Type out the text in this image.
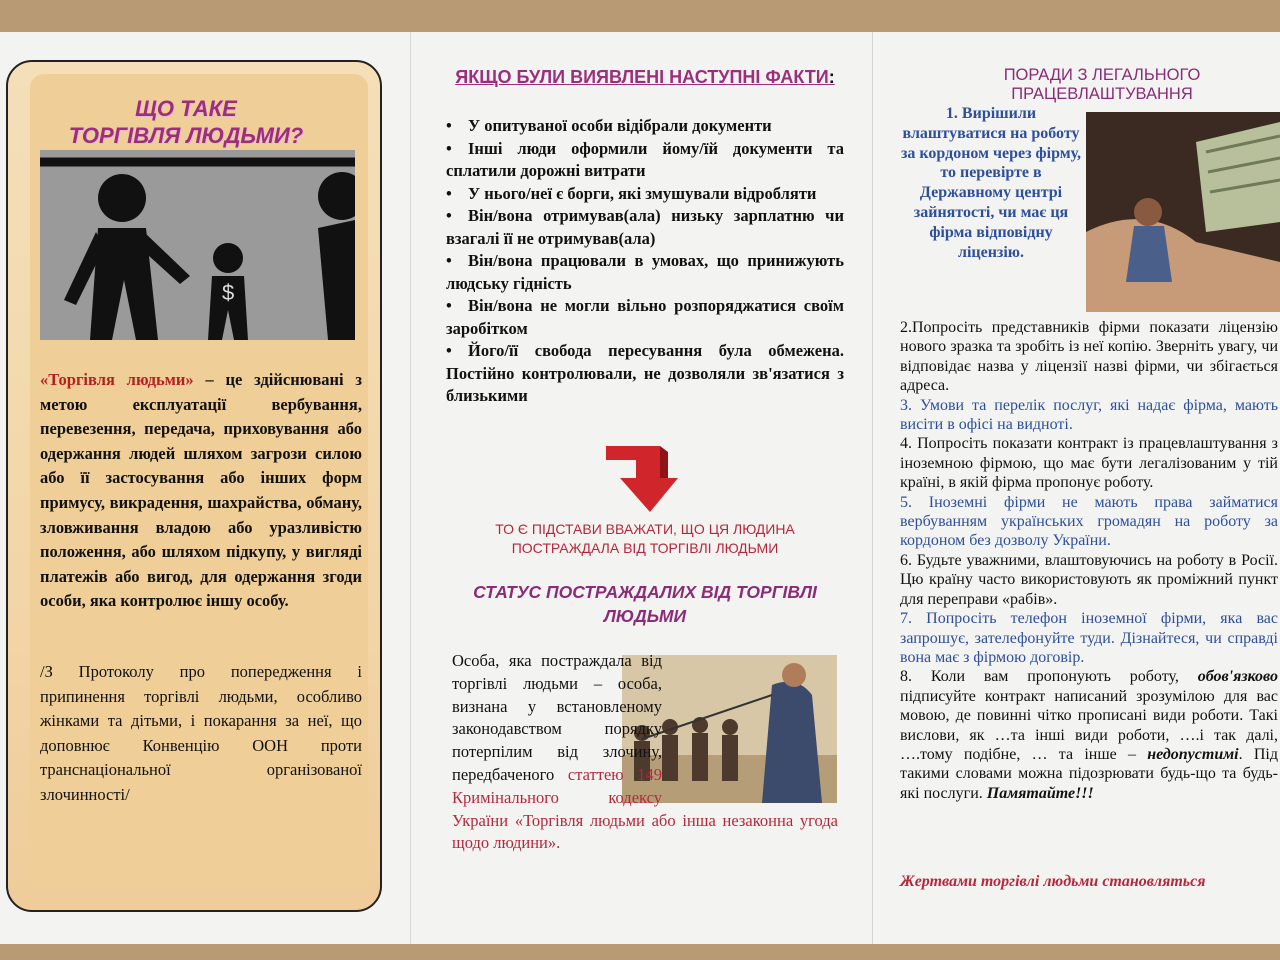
ЩО ТАКЕ
ТОРГІВЛЯ ЛЮДЬМИ?
$
«Торгівля людьми» – це здійснювані з метою експлуатації вербування, перевезення, передача, приховування або одержання людей шляхом загрози силою або її застосування або інших форм примусу, викрадення, шахрайства, обману, зловживання владою або уразливістю положення, або шляхом підкупу, у вигляді платежів або вигод, для одержання згоди особи, яка контролює іншу особу.
/З Протоколу про попередження і припинення торгівлі людьми, особливо жінками та дітьми, і покарання за неї, що доповнює Конвенцію ООН проти транснаціональної організованої злочинності/
ЯКЩО БУЛИ ВИЯВЛЕНІ НАСТУПНІ ФАКТИ:

• У опитуваної особи відібрали документи

• Інші люди оформили йому/їй документи та сплатили дорожні витрати

• У нього/неї є борги, які змушували відробляти

• Він/вона отримував(ала) низьку зарплатню чи взагалі її не отримував(ала)

• Він/вона працювали в умовах, що принижують людську гідність

• Він/вона не могли вільно розпоряджатися своїм заробітком

• Його/її свобода пересування була обмежена. Постійно контролювали, не дозволяли зв'язатися з близькими

ТО Є ПІДСТАВИ ВВАЖАТИ, ЩО ЦЯ ЛЮДИНА ПОСТРАЖДАЛА ВІД ТОРГІВЛІ ЛЮДЬМИ
СТАТУС ПОСТРАЖДАЛИХ ВІД ТОРГІВЛІ ЛЮДЬМИ
Особа, яка постраждала від торгівлі людьми – особа, визнана у встановленому законодавством порядку потерпілим від злочину, передбаченого статтею 149 Кримінального кодексу України «Торгівля людьми або інша незаконна угода щодо людини».
ПОРАДИ З ЛЕГАЛЬНОГО ПРАЦЕВЛАШТУВАННЯ
1. Вирішили влаштуватися на роботу за кордоном через фірму, то перевірте в Державному центрі зайнятості, чи має ця фірма відповідну ліцензію.

2.Попросіть представників фірми показати ліцензію нового зразка та зробіть із неї копію. Зверніть увагу, чи відповідає назва у ліцензії назві фірми, чи збігається адреса.

3. Умови та перелік послуг, які надає фірма, мають висіти в офісі на видноті.

4. Попросіть показати контракт із працевлаштування з іноземною фірмою, що має бути легалізованим у тій країні, в якій фірма пропонує роботу.

5. Іноземні фірми не мають права займатися вербуванням українських громадян на роботу за кордоном без дозволу України.

6. Будьте уважними, влаштовуючись на роботу в Росії. Цю країну часто використовують як проміжний пункт для переправи «рабів».

7. Попросіть телефон іноземної фірми, яка вас запрошує, зателефонуйте туди. Дізнайтеся, чи справді вона має з фірмою договір.

8. Коли вам пропонують роботу, обов'язково підписуйте контракт написаний зрозумілою для вас мовою, де повинні чітко прописані види роботи. Такі вислови, як …та інші види роботи, ….і так далі, ….тому подібне, … та інше – недопустимі. Під такими словами можна підозрювати будь-що та будь-які послуги. Памятайте!!!

Жертвами торгівлі людьми становляться
